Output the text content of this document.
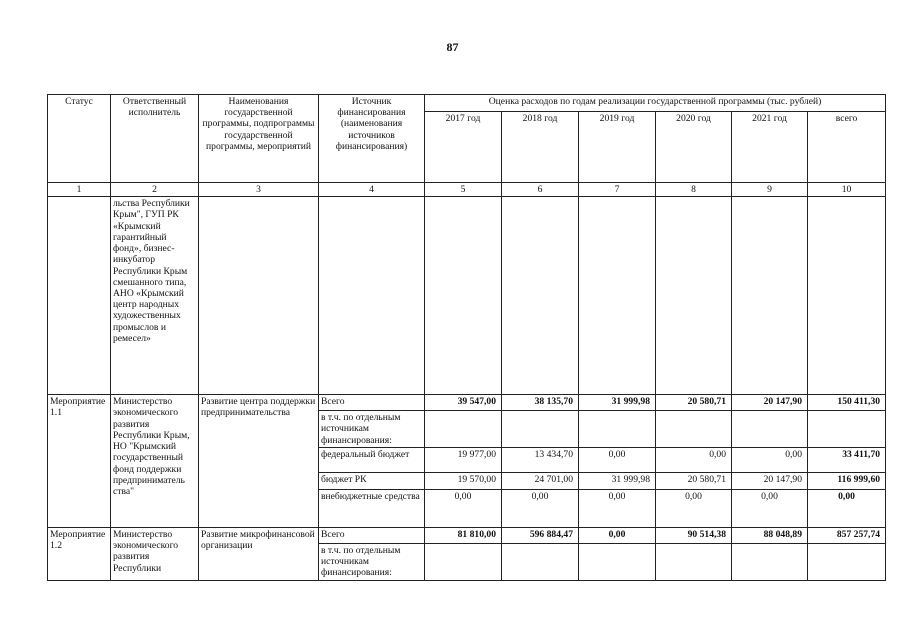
87
Статус	Ответственный исполнитель	Наименования государственной программы, подпрограммы государственной программы, мероприятий	Источник финансирования (наименования источников финансирования)	Оценка расходов по годам реализации государственной программы (тыс. рублей)					
				2017 год	2018 год	2019 год	2020 год	2021 год	всего
1	2	3	4	5	6	7	8	9	10
	льства Республики Крым", ГУП РК «Крымский гарантийный фонд», бизнес-инкубатор Республики Крым смешанного типа, АНО «Крымский центр народных художественных промыслов и ремесел»								
Мероприятие 1.1	Министерство экономического развития Республики Крым, НО "Крымский государственный фонд поддержки предприниматель ства"	Развитие центра поддержки предпринимательства	Всего	39 547,00	38 135,70	31 999,98	20 580,71	20 147,90	150 411,30
			в т.ч. по отдельным источникам финансирования:						
			федеральный бюджет	19 977,00	13 434,70	0,00	0,00	0,00	33 411,70
			бюджет РК	19 570,00	24 701,00	31 999,98	20 580,71	20 147,90	116 999,60
			внебюджетные средства	0,00	0,00	0,00	0,00	0,00	0,00
Мероприятие 1.2	Министерство экономического развития Республики	Развитие микрофинансовой организации	Всего	81 810,00	596 884,47	0,00	90 514,38	88 048,89	857 257,74
			в т.ч. по отдельным источникам финансирования:						
